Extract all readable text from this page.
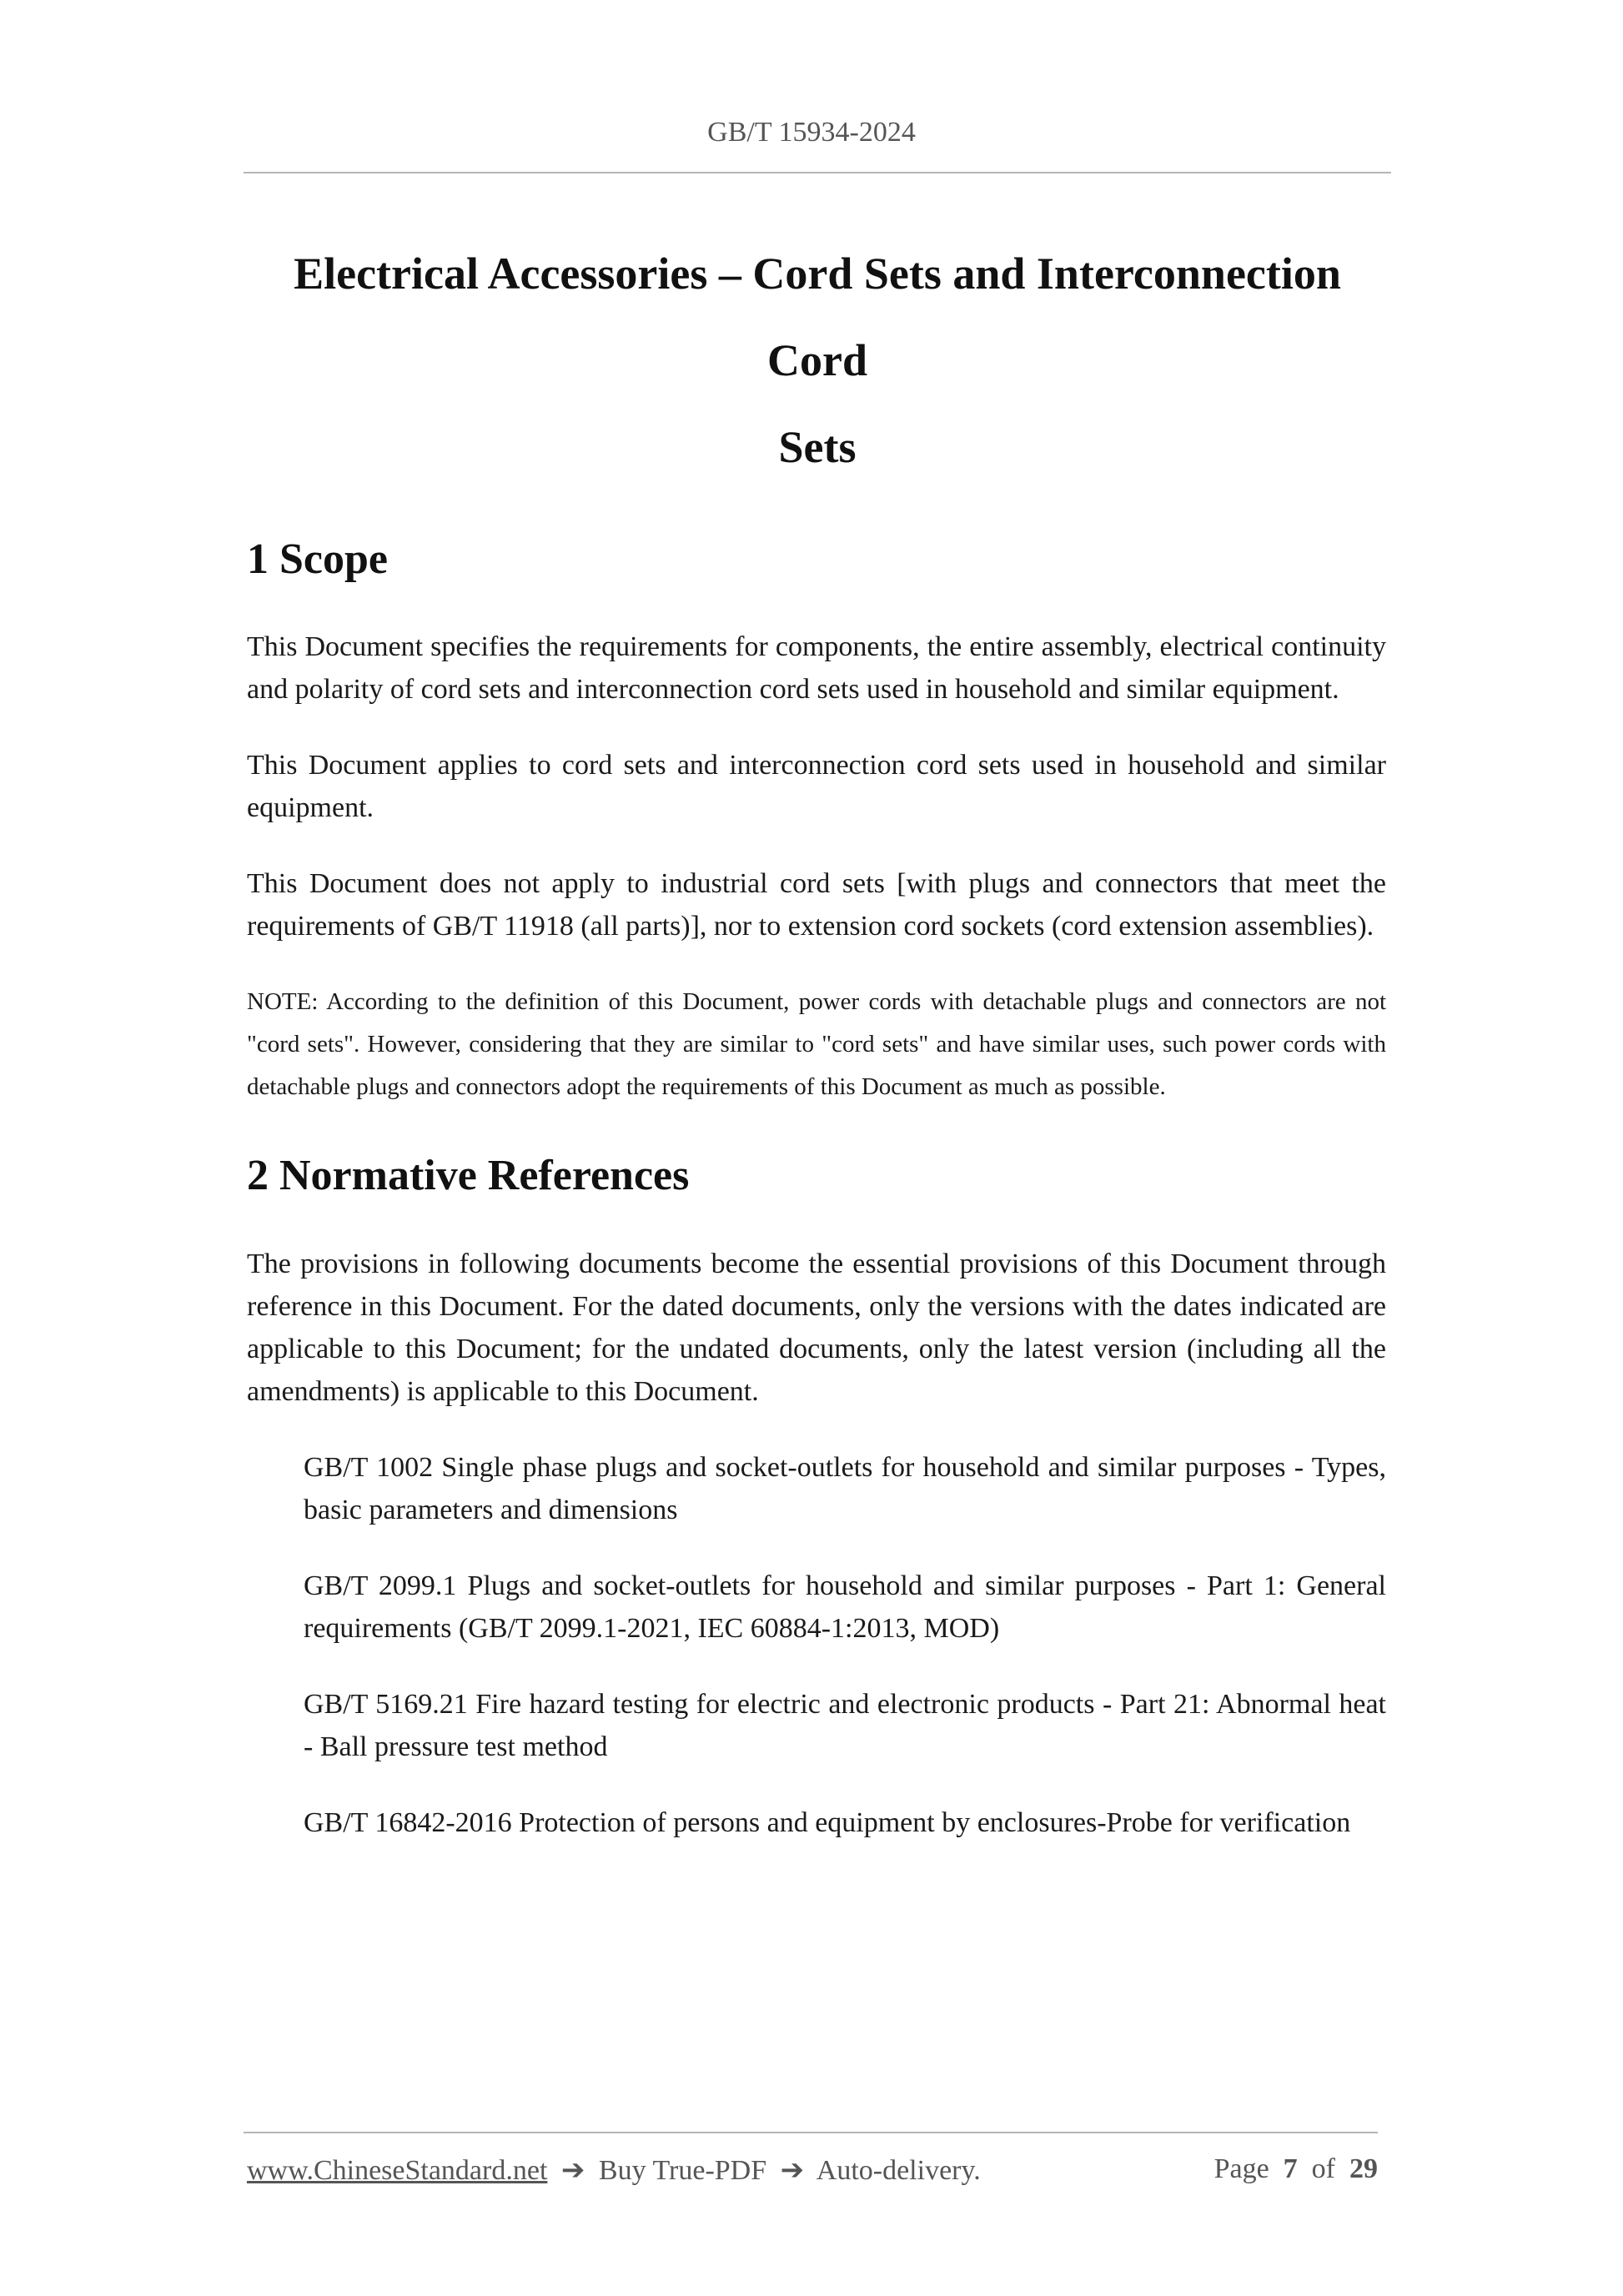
GB/T 15934-2024
Electrical Accessories – Cord Sets and Interconnection Cord
Sets
1 Scope

This Document specifies the requirements for components, the entire assembly, electrical continuity and polarity of cord sets and interconnection cord sets used in household and similar equipment.

This Document applies to cord sets and interconnection cord sets used in household and similar equipment.

This Document does not apply to industrial cord sets [with plugs and connectors that meet the requirements of GB/T 11918 (all parts)], nor to extension cord sockets (cord extension assemblies).

NOTE: According to the definition of this Document, power cords with detachable plugs and connectors are not "cord sets". However, considering that they are similar to "cord sets" and have similar uses, such power cords with detachable plugs and connectors adopt the requirements of this Document as much as possible.

2 Normative References

The provisions in following documents become the essential provisions of this Document through reference in this Document. For the dated documents, only the versions with the dates indicated are applicable to this Document; for the undated documents, only the latest version (including all the amendments) is applicable to this Document.

GB/T 1002 Single phase plugs and socket-outlets for household and similar purposes - Types, basic parameters and dimensions
GB/T 2099.1 Plugs and socket-outlets for household and similar purposes - Part 1: General requirements (GB/T 2099.1-2021, IEC 60884-1:2013, MOD)
GB/T 5169.21 Fire hazard testing for electric and electronic products - Part 21: Abnormal heat - Ball pressure test method
GB/T 16842-2016 Protection of persons and equipment by enclosures-Probe for verification
www.ChineseStandard.net ➔ Buy True-PDF ➔ Auto-delivery.	Page 7 of 29
